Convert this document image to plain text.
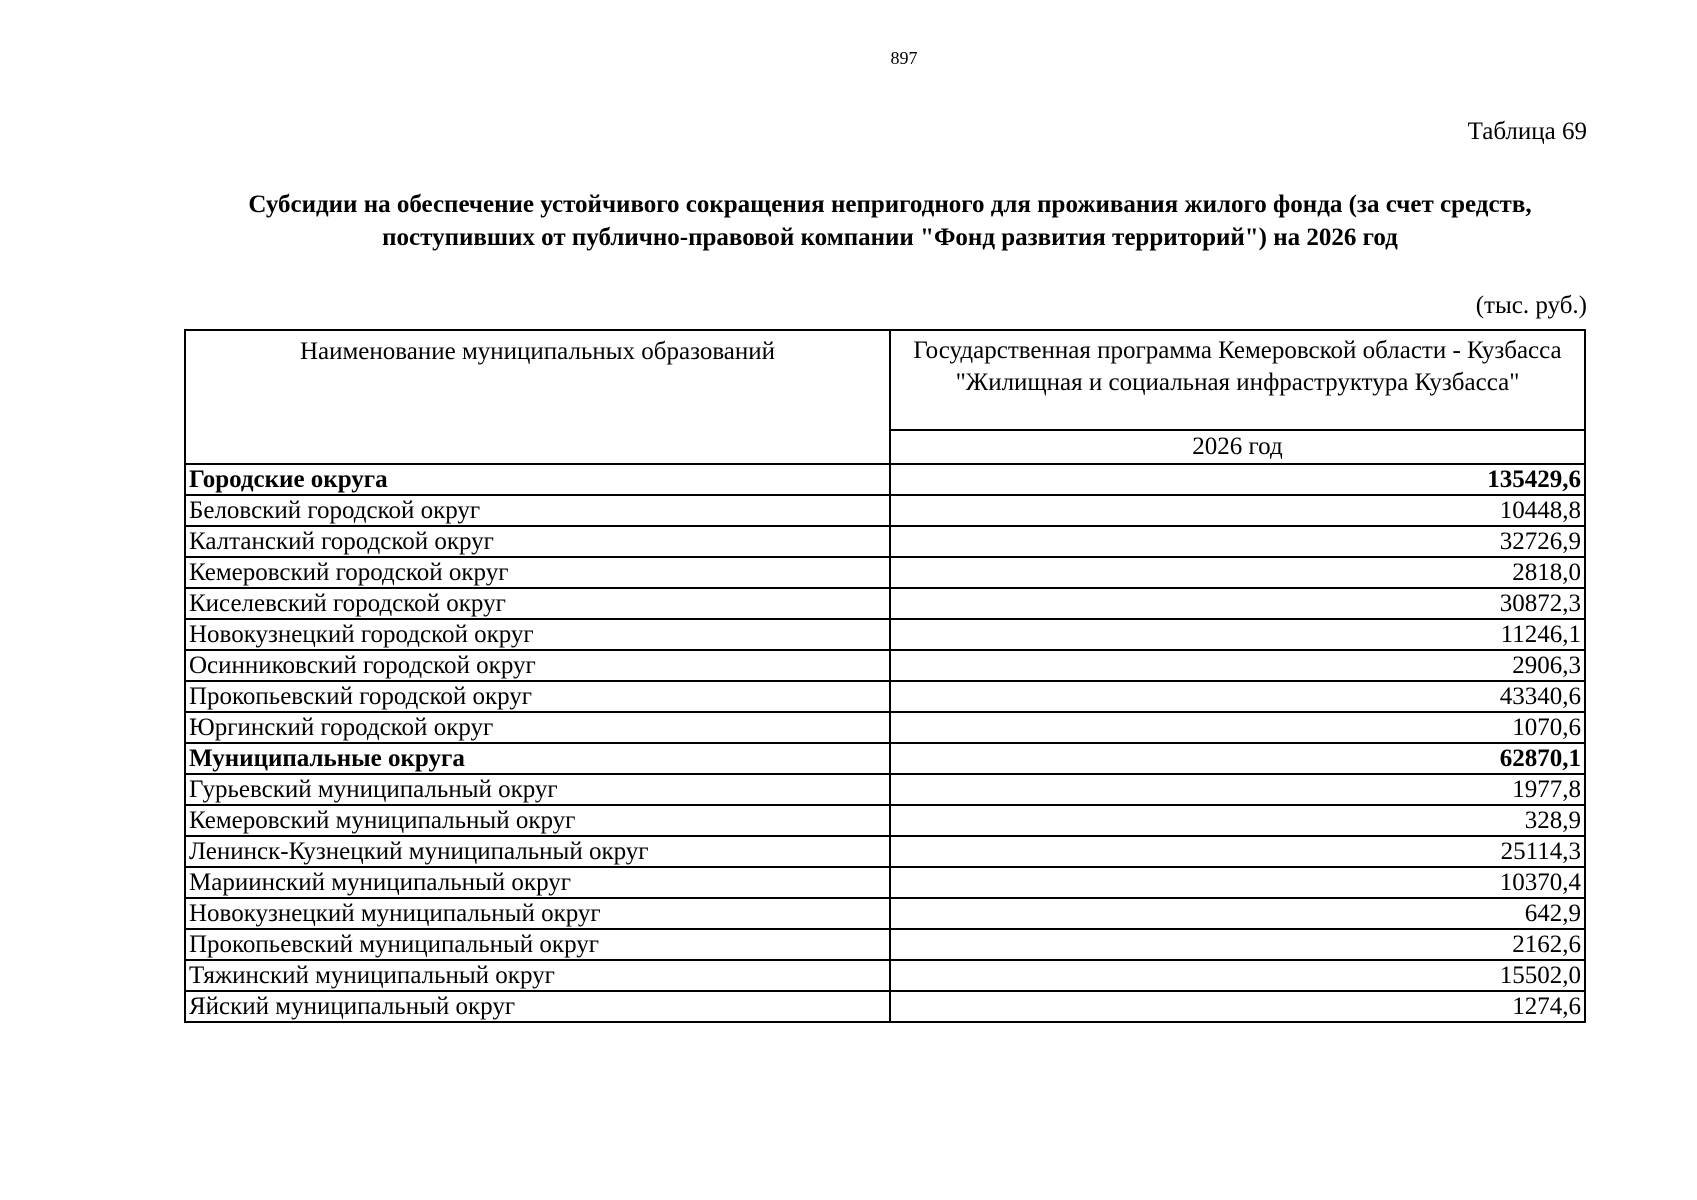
897
Таблица 69
Субсидии на обеспечение устойчивого сокращения непригодного для проживания жилого фонда (за счет средств,
поступивших от публично-правовой компании "Фонд развития территорий") на 2026 год
(тыс. руб.)
Наименование муниципальных образований	Государственная программа Кемеровской области - Кузбасса
"Жилищная и социальная инфраструктура Кузбасса"

	2026 год
Городские округа	135429,6
Беловский городской округ	10448,8
Калтанский городской округ	32726,9
Кемеровский городской округ	2818,0
Киселевский городской округ	30872,3
Новокузнецкий городской округ	11246,1
Осинниковский городской округ	2906,3
Прокопьевский городской округ	43340,6
Юргинский городской округ	1070,6
Муниципальные округа	62870,1
Гурьевский муниципальный округ	1977,8
Кемеровский муниципальный округ	328,9
Ленинск-Кузнецкий муниципальный округ	25114,3
Мариинский муниципальный округ	10370,4
Новокузнецкий муниципальный округ	642,9
Прокопьевский муниципальный округ	2162,6
Тяжинский муниципальный округ	15502,0
Яйский муниципальный округ	1274,6
